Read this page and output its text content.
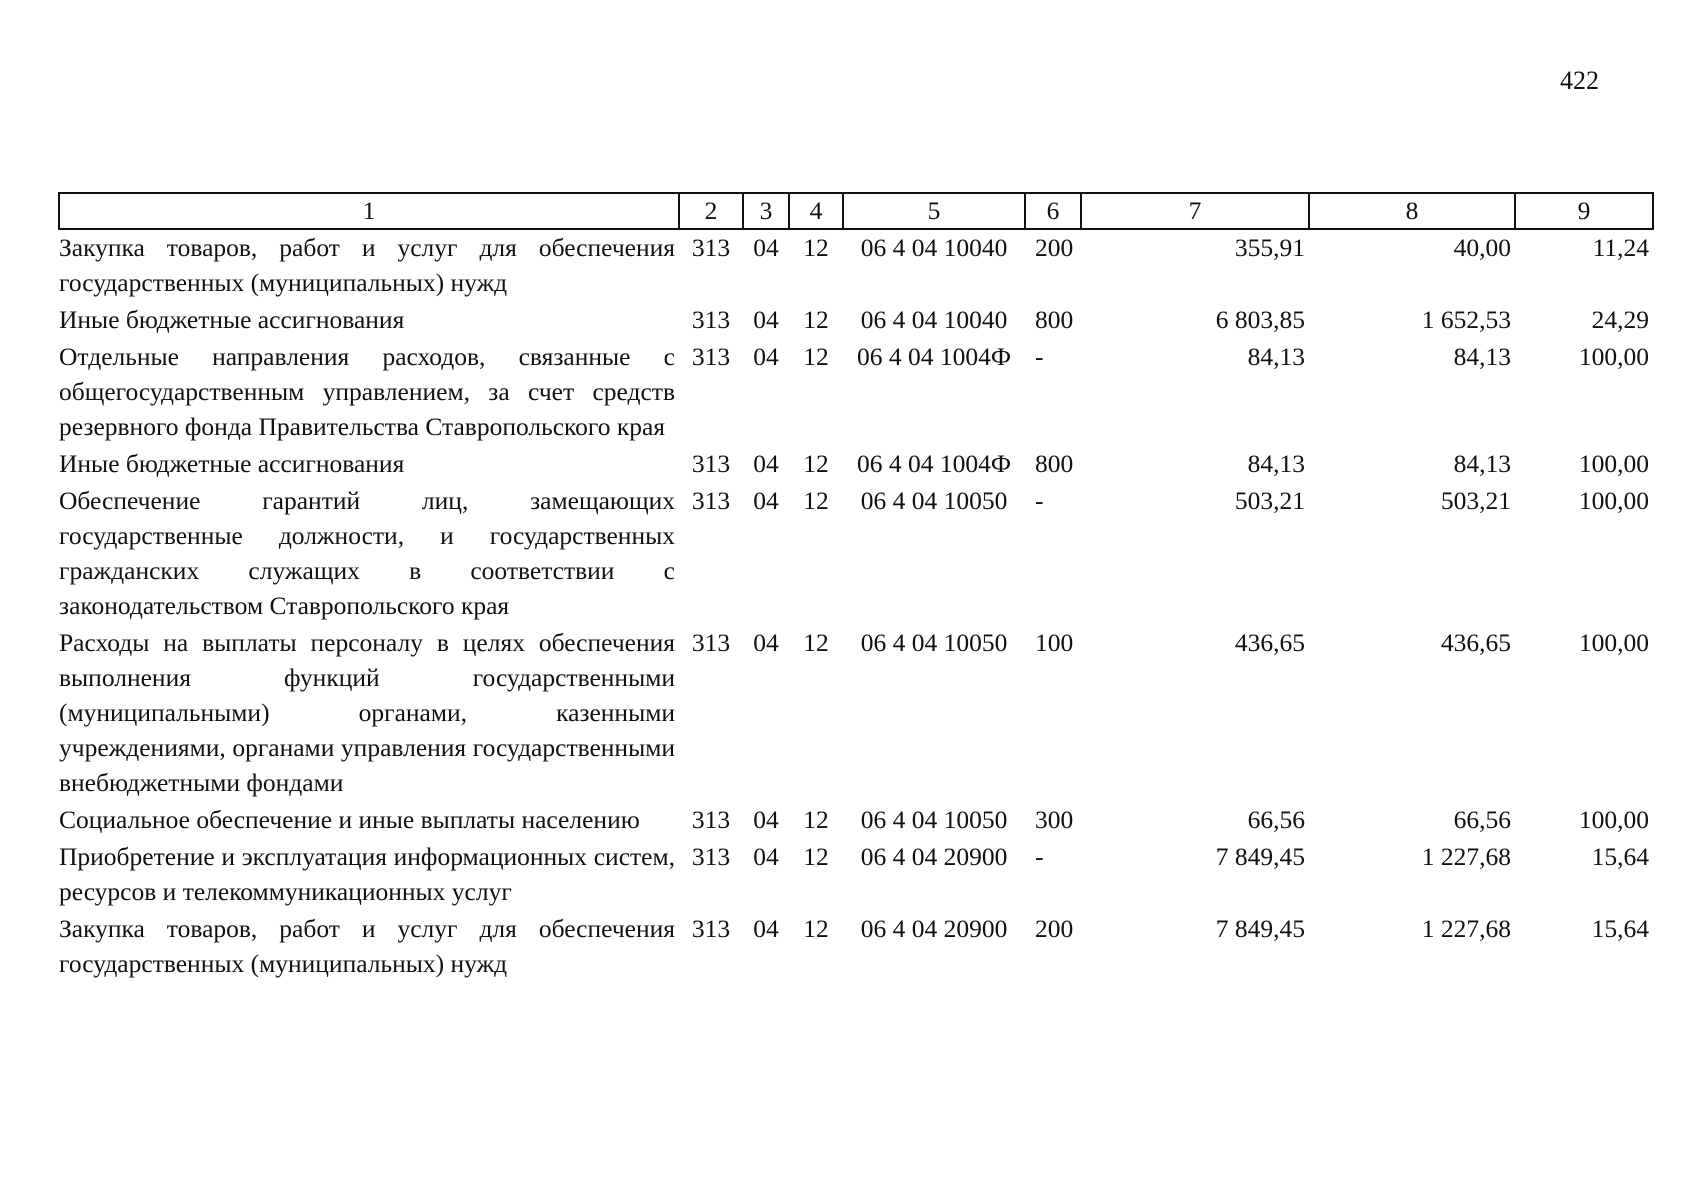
422
1	2	3	4	5	6	7	8	9
Закупка товаров, работ и услуг для обеспечения государственных (муниципальных) нужд	313	04	12	06 4 04 10040	200	355,91	40,00	11,24
Иные бюджетные ассигнования	313	04	12	06 4 04 10040	800	6 803,85	1 652,53	24,29
Отдельные направления расходов, связанные с общегосударственным управлением, за счет средств резервного фонда Правительства Ставропольского края	313	04	12	06 4 04 1004Ф	-	84,13	84,13	100,00
Иные бюджетные ассигнования	313	04	12	06 4 04 1004Ф	800	84,13	84,13	100,00
Обеспечение гарантий лиц, замещающих государственные должности, и государственных гражданских служащих в соответствии с законодательством Ставропольского края	313	04	12	06 4 04 10050	-	503,21	503,21	100,00
Расходы на выплаты персоналу в целях обеспечения выполнения функций государственными (муниципальными) органами, казенными учреждениями, органами управления государственными внебюджетными фондами	313	04	12	06 4 04 10050	100	436,65	436,65	100,00
Социальное обеспечение и иные выплаты населению	313	04	12	06 4 04 10050	300	66,56	66,56	100,00
Приобретение и эксплуатация информационных систем, ресурсов и телекоммуникационных услуг	313	04	12	06 4 04 20900	-	7 849,45	1 227,68	15,64
Закупка товаров, работ и услуг для обеспечения государственных (муниципальных) нужд	313	04	12	06 4 04 20900	200	7 849,45	1 227,68	15,64
